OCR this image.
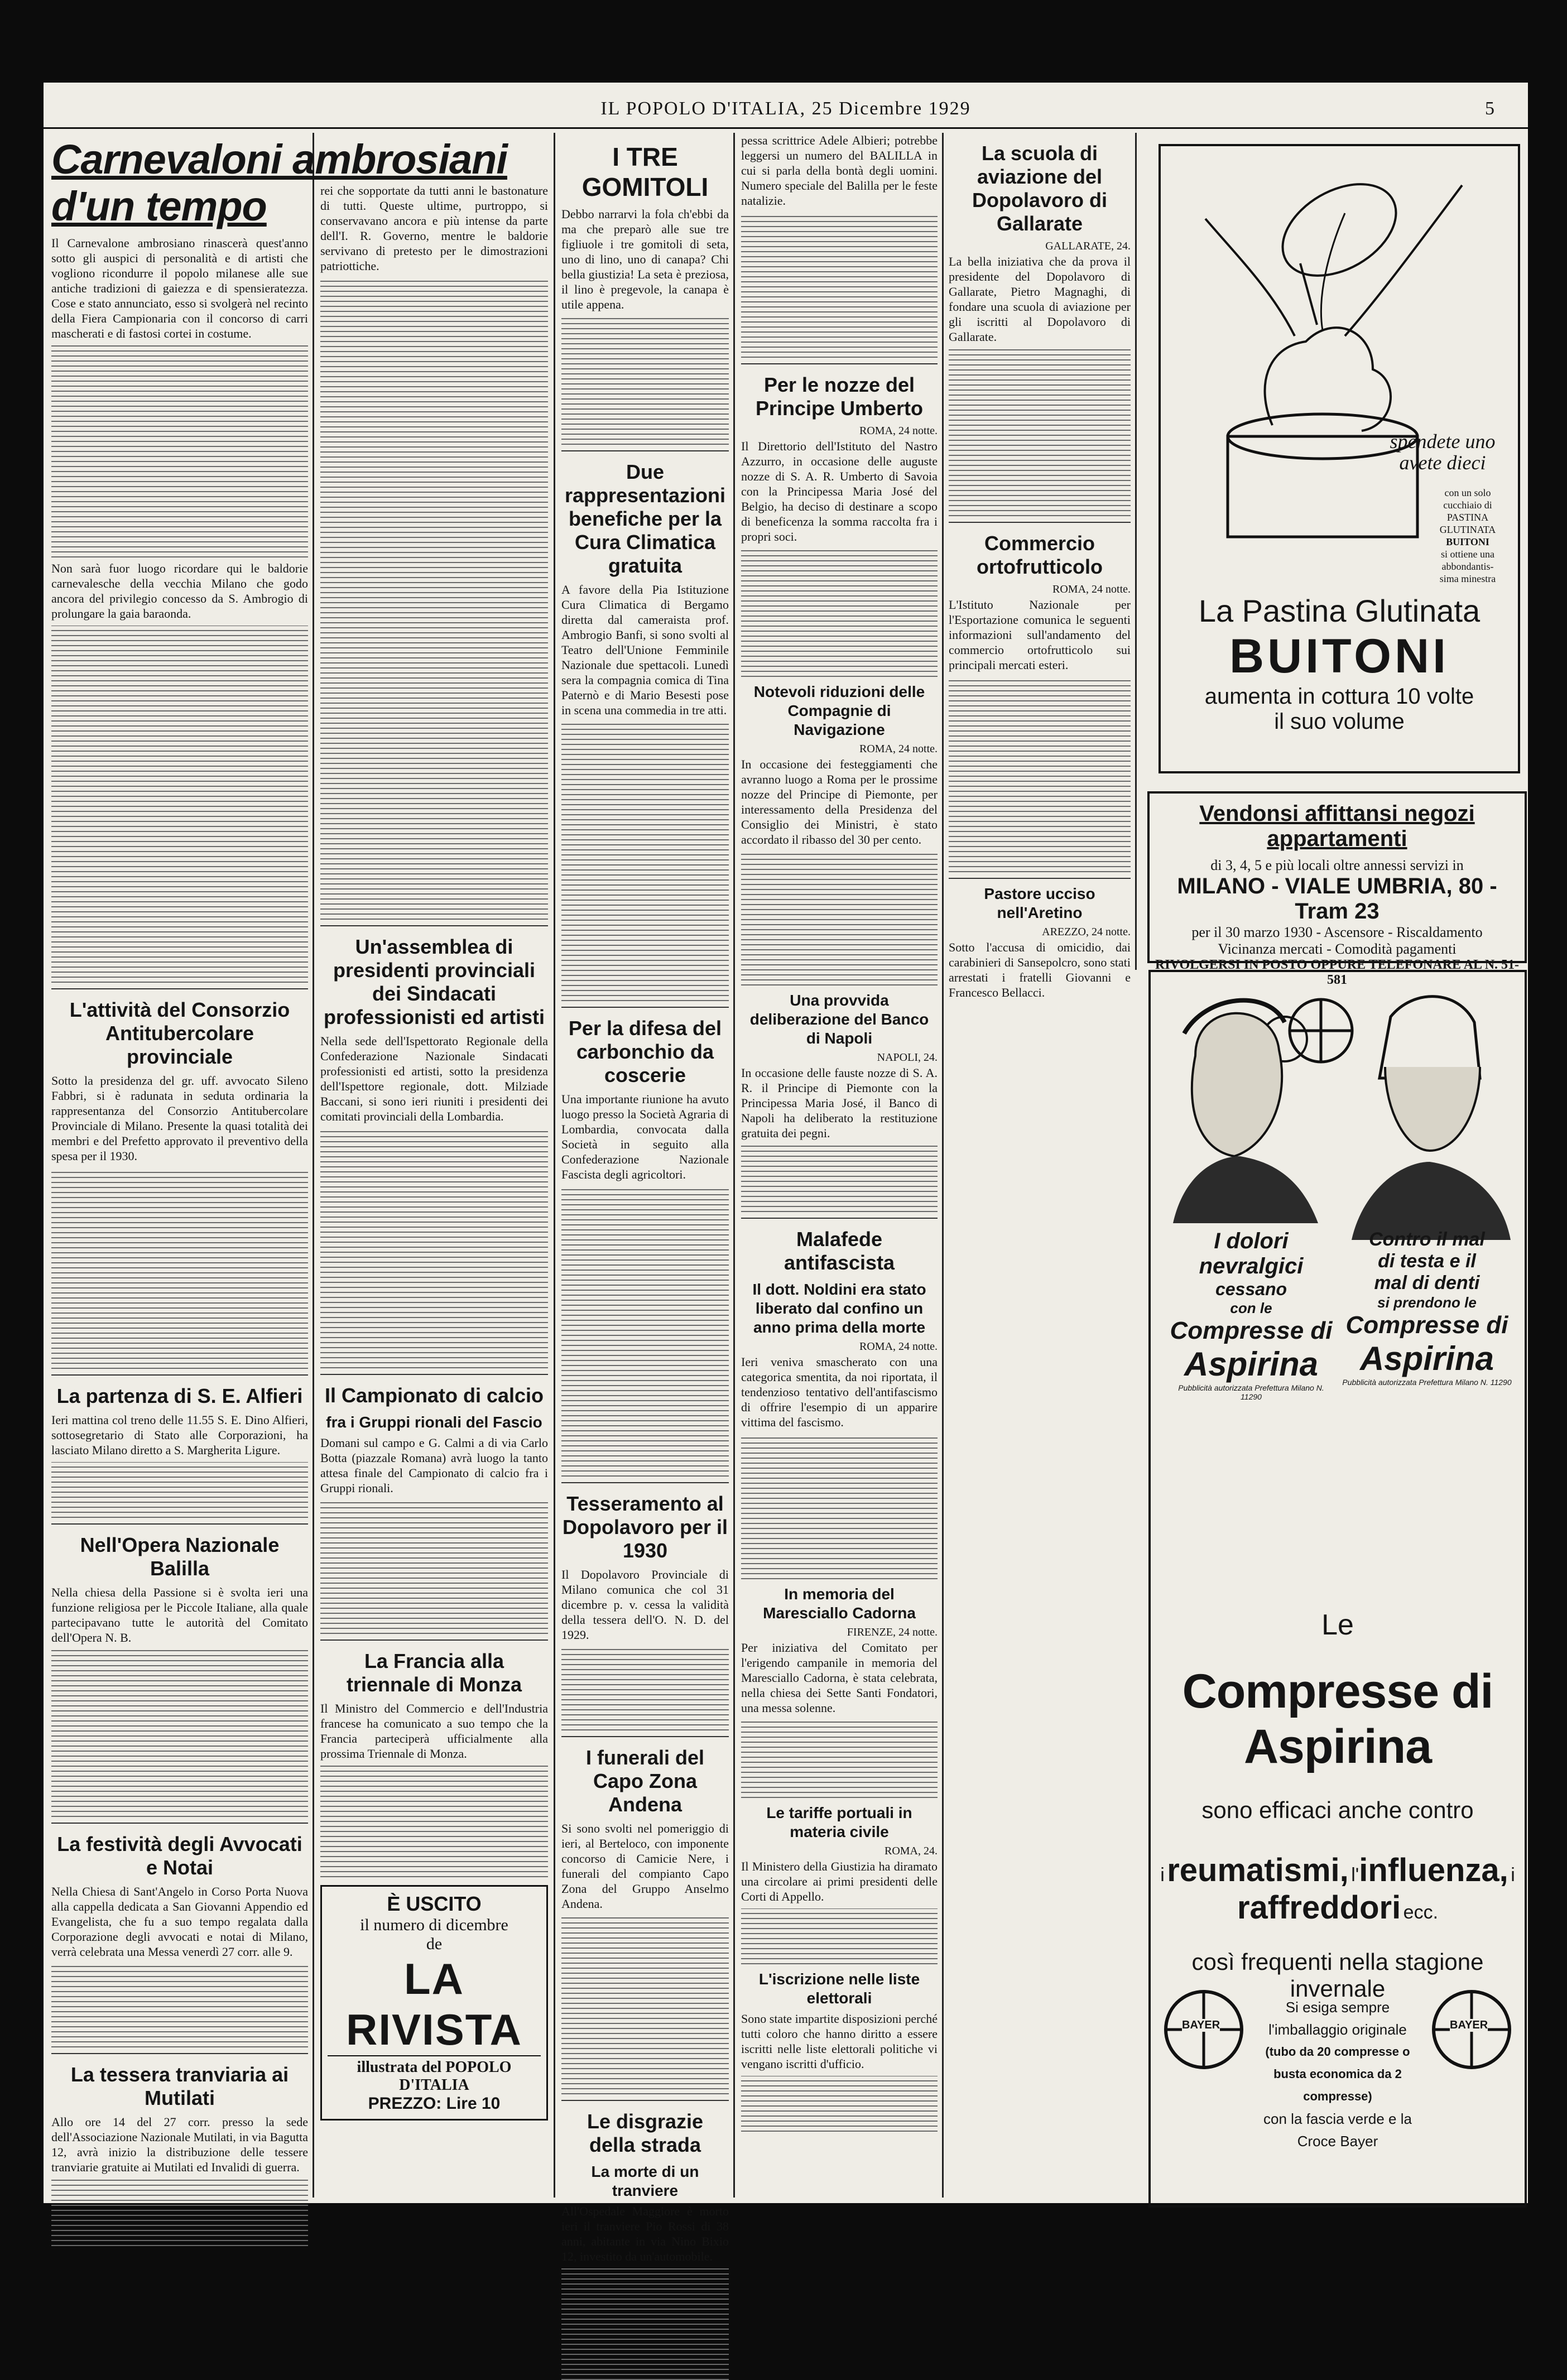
IL POPOLO D'ITALIA, 25 Dicembre 1929	5
Carnevaloni ambrosiani d'un tempo

Il Carnevalone ambrosiano rinascerà quest'anno sotto gli auspici di personalità e di artisti che vogliono ricondurre il popolo milanese alle sue antiche tradizioni di gaiezza e di spensieratezza. Cose e stato annunciato, esso si svolgerà nel recinto della Fiera Campionaria con il concorso di carri mascherati e di fastosi cortei in costume.

Non sarà fuor luogo ricordare qui le baldorie carnevalesche della vecchia Milano che godo ancora del privilegio concesso da S. Ambrogio di prolungare la gaia baraonda.

L'attività del Consorzio Antitubercolare provinciale

Sotto la presidenza del gr. uff. avvocato Sileno Fabbri, si è radunata in seduta ordinaria la rappresentanza del Consorzio Antitubercolare Provinciale di Milano. Presente la quasi totalità dei membri e del Prefetto approvato il preventivo della spesa per il 1930.

La partenza di S. E. Alfieri

Ieri mattina col treno delle 11.55 S. E. Dino Alfieri, sottosegretario di Stato alle Corporazioni, ha lasciato Milano diretto a S. Margherita Ligure.

Nell'Opera Nazionale Balilla

Nella chiesa della Passione si è svolta ieri una funzione religiosa per le Piccole Italiane, alla quale partecipavano tutte le autorità del Comitato dell'Opera N. B.

La festività degli Avvocati e Notai

Nella Chiesa di Sant'Angelo in Corso Porta Nuova alla cappella dedicata a San Giovanni Appendio ed Evangelista, che fu a suo tempo regalata dalla Corporazione degli avvocati e notai di Milano, verrà celebrata una Messa venerdì 27 corr. alle 9.

La tessera tranviaria ai Mutilati

Allo ore 14 del 27 corr. presso la sede dell'Associazione Nazionale Mutilati, in via Bagutta 12, avrà inizio la distribuzione delle tessere tranviarie gratuite ai Mutilati ed Invalidi di guerra.

rei che sopportate da tutti anni le bastonature di tutti. Queste ultime, purtroppo, si conservavano ancora e più intense da parte dell'I. R. Governo, mentre le baldorie servivano di pretesto per le dimostrazioni patriottiche.

Un'assemblea di presidenti provinciali dei Sindacati professionisti ed artisti

Nella sede dell'Ispettorato Regionale della Confederazione Nazionale Sindacati professionisti ed artisti, sotto la presidenza dell'Ispettore regionale, dott. Milziade Baccani, si sono ieri riuniti i presidenti dei comitati provinciali della Lombardia.

Il Campionato di calcio
fra i Gruppi rionali del Fascio

Domani sul campo e G. Calmi a di via Carlo Botta (piazzale Romana) avrà luogo la tanto attesa finale del Campionato di calcio fra i Gruppi rionali.

La Francia alla triennale di Monza

Il Ministro del Commercio e dell'Industria francese ha comunicato a suo tempo che la Francia parteciperà ufficialmente alla prossima Triennale di Monza.

È USCITO
il numero di dicembre
de
LA RIVISTA
illustrata del POPOLO D'ITALIA
PREZZO: Lire 10
I TRE GOMITOLI

Debbo narrarvi la fola ch'ebbi da ma che preparò alle sue tre figliuole i tre gomitoli di seta, uno di lino, uno di canapa? Chi bella giustizia! La seta è preziosa, il lino è pregevole, la canapa è utile appena.

Due rappresentazioni benefiche per la Cura Climatica gratuita

A favore della Pia Istituzione Cura Climatica di Bergamo diretta dal cameraista prof. Ambrogio Banfi, si sono svolti al Teatro dell'Unione Femminile Nazionale due spettacoli. Lunedì sera la compagnia comica di Tina Paternò e di Mario Besesti pose in scena una commedia in tre atti.

Per la difesa del carbonchio da coscerie

Una importante riunione ha avuto luogo presso la Società Agraria di Lombardia, convocata dalla Società in seguito alla Confederazione Nazionale Fascista degli agricoltori.

Tesseramento al Dopolavoro per il 1930

Il Dopolavoro Provinciale di Milano comunica che col 31 dicembre p. v. cessa la validità della tessera dell'O. N. D. del 1929.

I funerali del Capo Zona Andena

Si sono svolti nel pomeriggio di ieri, al Berteloco, con imponente concorso di Camicie Nere, i funerali del compianto Capo Zona del Gruppo Anselmo Andena.

Le disgrazie della strada
La morte di un tranviere

All'Ospedale Maggiore è morto ieri il tranviere Pio Rossi di 38 anni, abitante in via Nino Bixio 12, investito da un'automobile.

pessa scrittrice Adele Albieri; potrebbe leggersi un numero del BALILLA in cui si parla della bontà degli uomini. Numero speciale del Balilla per le feste natalizie.

Per le nozze del Principe Umberto
ROMA, 24 notte.

Il Direttorio dell'Istituto del Nastro Azzurro, in occasione delle auguste nozze di S. A. R. Umberto di Savoia con la Principessa Maria José del Belgio, ha deciso di destinare a scopo di beneficenza la somma raccolta fra i propri soci.

Notevoli riduzioni delle Compagnie di Navigazione
ROMA, 24 notte.

In occasione dei festeggiamenti che avranno luogo a Roma per le prossime nozze del Principe di Piemonte, per interessamento della Presidenza del Consiglio dei Ministri, è stato accordato il ribasso del 30 per cento.

Una provvida deliberazione del Banco di Napoli
NAPOLI, 24.

In occasione delle fauste nozze di S. A. R. il Principe di Piemonte con la Principessa Maria José, il Banco di Napoli ha deliberato la restituzione gratuita dei pegni.

Malafede antifascista
Il dott. Noldini era stato liberato dal confino un anno prima della morte
ROMA, 24 notte.

Ieri veniva smascherato con una categorica smentita, da noi riportata, il tendenzioso tentativo dell'antifascismo di offrire l'esempio di un apparire vittima del fascismo.

In memoria del Maresciallo Cadorna
FIRENZE, 24 notte.

Per iniziativa del Comitato per l'erigendo campanile in memoria del Maresciallo Cadorna, è stata celebrata, nella chiesa dei Sette Santi Fondatori, una messa solenne.

Le tariffe portuali in materia civile
ROMA, 24.

Il Ministero della Giustizia ha diramato una circolare ai primi presidenti delle Corti di Appello.

L'iscrizione nelle liste elettorali

Sono state impartite disposizioni perché tutti coloro che hanno diritto a essere iscritti nelle liste elettorali politiche vi vengano iscritti d'ufficio.

La scuola di aviazione del Dopolavoro di Gallarate
GALLARATE, 24.

La bella iniziativa che da prova il presidente del Dopolavoro di Gallarate, Pietro Magnaghi, di fondare una scuola di aviazione per gli iscritti al Dopolavoro di Gallarate.

Commercio ortofrutticolo
ROMA, 24 notte.

L'Istituto Nazionale per l'Esportazione comunica le seguenti informazioni sull'andamento del commercio ortofrutticolo sui principali mercati esteri.

Pastore ucciso nell'Aretino
AREZZO, 24 notte.

Sotto l'accusa di omicidio, dai carabinieri di Sansepolcro, sono stati arrestati i fratelli Giovanni e Francesco Bellacci.

spendete uno
avete dieci
con un solo
cucchiaio di
PASTINA
GLUTINATA
BUITONI
si ottiene una
abbondantis-
sima minestra
La Pastina Glutinata
BUITONI
aumenta in cottura 10 volte
il suo volume
Vendonsi affittansi negozi appartamenti
di 3, 4, 5 e più locali oltre annessi servizi in
MILANO - VIALE UMBRIA, 80 - Tram 23
per il 30 marzo 1930 - Ascensore - Riscaldamento
Vicinanza mercati - Comodità pagamenti
RIVOLGERSI IN POSTO OPPURE TELEFONARE AL N. 51-581
I dolori
nevralgici
cessano
con le
Compresse di
Aspirina
Pubblicità autorizzata Prefettura Milano N. 11290
Contro il mal
di testa e il
mal di denti
si prendono le
Compresse di
Aspirina
Pubblicità autorizzata Prefettura Milano N. 11290
Le
Compresse di Aspirina
sono efficaci anche contro
i reumatismi, l'influenza, i raffreddori ecc.
così frequenti nella stagione invernale
BAYER	BAYER
Si esiga sempre l'imballaggio originale
(tubo da 20 compresse o busta economica da 2 compresse)
con la fascia verde e la Croce Bayer
